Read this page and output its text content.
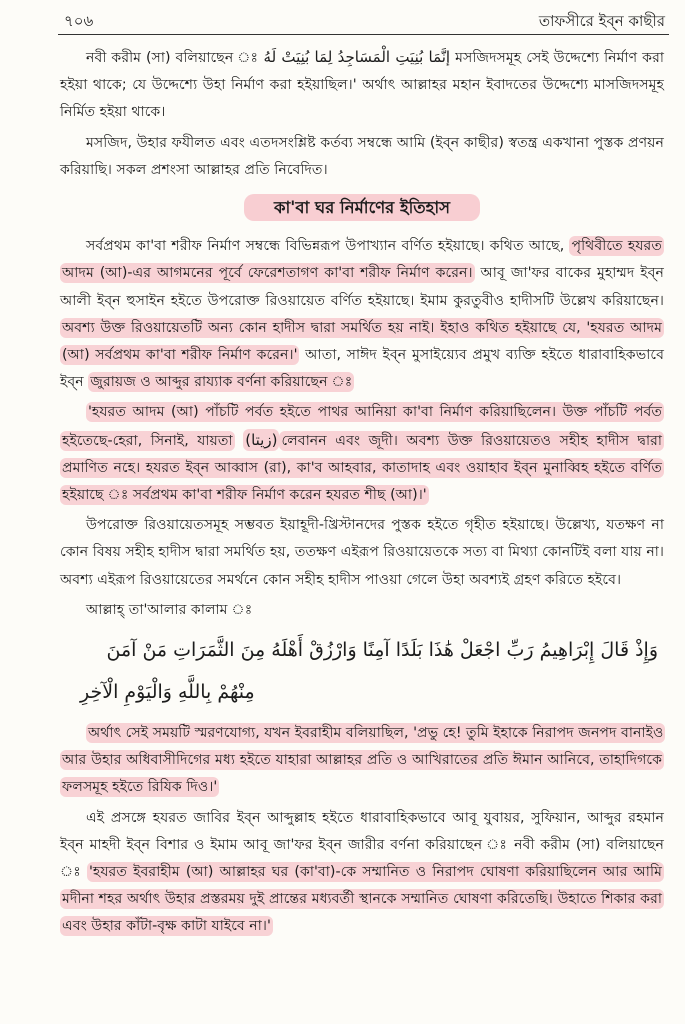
৭০৬	তাফসীরে ইব্ন কাছীর

নবী করীম (সা) বলিয়াছেন ঃ إنَّمَا بُنِيَتِ الْمَسَاجِدُ لِمَا بُنِيَتْ لَهُ মসজিদসমূহ সেই উদ্দেশ্যে নির্মাণ করা হইয়া থাকে; যে উদ্দেশ্যে উহা নির্মাণ করা হইয়াছিল।' অর্থাৎ আল্লাহর মহান ইবাদতের উদ্দেশ্যে মাসজিদসমূহ নির্মিত হইয়া থাকে।

মসজিদ, উহার ফযীলত এবং এতদসংশ্লিষ্ট কর্তব্য সম্বন্ধে আমি (ইব্ন কাছীর) স্বতন্ত্র একখানা পুস্তক প্রণয়ন করিয়াছি। সকল প্রশংসা আল্লাহর প্রতি নিবেদিত।

কা'বা ঘর নির্মাণের ইতিহাস

সর্বপ্রথম কা'বা শরীফ নির্মাণ সম্বন্ধে বিভিন্নরূপ উপাখ্যান বর্ণিত হইয়াছে। কথিত আছে, পৃথিবীতে হযরত আদম (আ)-এর আগমনের পূর্বে ফেরেশতাগণ কা'বা শরীফ নির্মাণ করেন। আবূ জা'ফর বাকের মুহাম্মদ ইব্ন আলী ইব্ন হুসাইন হইতে উপরোক্ত রিওয়ায়েত বর্ণিত হইয়াছে। ইমাম কুরতুবীও হাদীসটি উল্লেখ করিয়াছেন। অবশ্য উক্ত রিওয়ায়েতটি অন্য কোন হাদীস দ্বারা সমর্থিত হয় নাই। ইহাও কথিত হইয়াছে যে, 'হযরত আদম (আ) সর্বপ্রথম কা'বা শরীফ নির্মাণ করেন।' আতা, সাঈদ ইব্ন মুসাইয়্যেব প্রমুখ ব্যক্তি হইতে ধারাবাহিকভাবে ইব্ন জুরায়জ ও আব্দুর রায্যাক বর্ণনা করিয়াছেন ঃ

'হযরত আদম (আ) পাঁচটি পর্বত হইতে পাথর আনিয়া কা'বা নির্মাণ করিয়াছিলেন। উক্ত পাঁচটি পর্বত হইতেছে-হেরা, সিনাই, যায়তা (زيتا) লেবানন এবং জূদী। অবশ্য উক্ত রিওয়ায়েতও সহীহ হাদীস দ্বারা প্রমাণিত নহে। হযরত ইব্ন আব্বাস (রা), কা'ব আহবার, কাতাদাহ এবং ওয়াহাব ইব্ন মুনাব্বিহ হইতে বর্ণিত হইয়াছে ঃ সর্বপ্রথম কা'বা শরীফ নির্মাণ করেন হযরত শীছ (আ)।'

উপরোক্ত রিওয়ায়েতসমূহ সম্ভবত ইয়াহূদী-খ্রিস্টানদের পুস্তক হইতে গৃহীত হইয়াছে। উল্লেখ্য, যতক্ষণ না কোন বিষয় সহীহ হাদীস দ্বারা সমর্থিত হয়, ততক্ষণ এইরূপ রিওয়ায়েতকে সত্য বা মিথ্যা কোনটিই বলা যায় না। অবশ্য এইরূপ রিওয়ায়েতের সমর্থনে কোন সহীহ হাদীস পাওয়া গেলে উহা অবশ্যই গ্রহণ করিতে হইবে।

আল্লাহ্ তা'আলার কালাম ঃ

وَإِذْ قَالَ إِبْرَاهِيمُ رَبِّ اجْعَلْ هَٰذَا بَلَدًا آمِنًا وَارْزُقْ أَهْلَهُ مِنَ الثَّمَرَاتِ مَنْ آمَنَ
مِنْهُمْ بِاللَّهِ وَالْيَوْمِ الْآخِرِ

অর্থাৎ সেই সময়টি স্মরণযোগ্য, যখন ইবরাহীম বলিয়াছিল, 'প্রভু হে! তুমি ইহাকে নিরাপদ জনপদ বানাইও আর উহার অধিবাসীদিগের মধ্য হইতে যাহারা আল্লাহর প্রতি ও আখিরাতের প্রতি ঈমান আনিবে, তাহাদিগকে ফলসমূহ হইতে রিযিক দিও।'

এই প্রসঙ্গে হযরত জাবির ইব্ন আব্দুল্লাহ হইতে ধারাবাহিকভাবে আবূ যুবায়র, সুফিয়ান, আব্দুর রহমান ইব্ন মাহদী ইব্ন বিশার ও ইমাম আবূ জা'ফর ইব্ন জারীর বর্ণনা করিয়াছেন ঃ নবী করীম (সা) বলিয়াছেন ঃ 'হযরত ইবরাহীম (আ) আল্লাহর ঘর (কা'বা)-কে সম্মানিত ও নিরাপদ ঘোষণা করিয়াছিলেন আর আমি মদীনা শহর অর্থাৎ উহার প্রস্তরময় দুই প্রান্তের মধ্যবর্তী স্থানকে সম্মানিত ঘোষণা করিতেছি। উহাতে শিকার করা এবং উহার কাঁটা-বৃক্ষ কাটা যাইবে না।'
